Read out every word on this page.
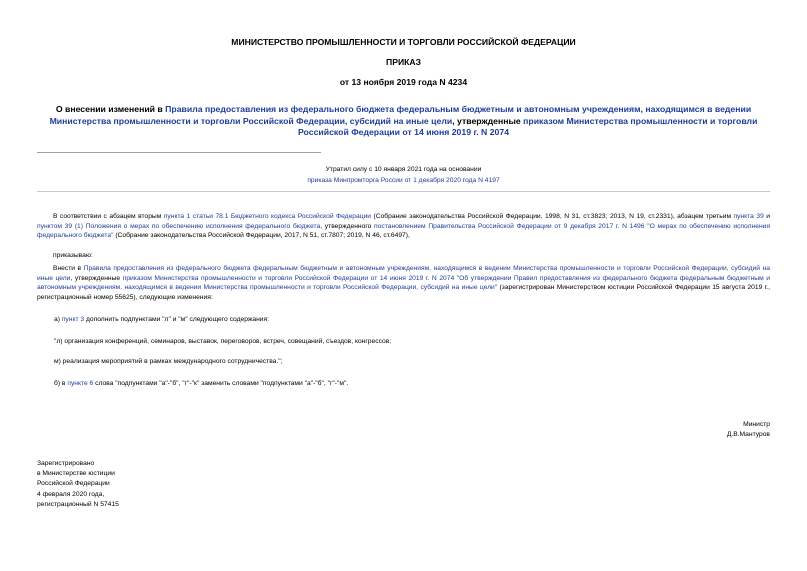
МИНИСТЕРСТВО ПРОМЫШЛЕННОСТИ И ТОРГОВЛИ РОССИЙСКОЙ ФЕДЕРАЦИИ
ПРИКАЗ
от 13 ноября 2019 года N 4234
О внесении изменений в Правила предоставления из федерального бюджета федеральным бюджетным и автономным учреждениям, находящимся в ведении Министерства промышленности и торговли Российской Федерации, субсидий на иные цели, утвержденные приказом Министерства промышленности и торговли Российской Федерации от 14 июня 2019 г. N 2074
Утратил силу с 10 января 2021 года на основании
приказа Минпромторга России от 1 декабря 2020 года N 4197
В соответствии с абзацем вторым пункта 1 статьи 78.1 Бюджетного кодекса Российской Федерации (Собрание законодательства Российской Федерации, 1998, N 31, ст.3823; 2013, N 19, ст.2331), абзацем третьим пункта 39 и пунктом 39 (1) Положения о мерах по обеспечению исполнения федерального бюджета, утвержденного постановлением Правительства Российской Федерации от 9 декабря 2017 г. N 1496 "О мерах по обеспечению исполнения федерального бюджета" (Собрание законодательства Российской Федерации, 2017, N 51, ст.7807; 2019, N 46, ст.6497),
приказываю:
Внести в Правила предоставления из федерального бюджета федеральным бюджетным и автономным учреждениям, находящимся в ведении Министерства промышленности и торговли Российской Федерации, субсидий на иные цели, утвержденные приказом Министерства промышленности и торговли Российской Федерации от 14 июня 2019 г. N 2074 "Об утверждении Правил предоставления из федерального бюджета федеральным бюджетным и автономным учреждениям, находящимся в ведении Министерства промышленности и торговли Российской Федерации, субсидий на иные цели" (зарегистрирован Министерством юстиции Российской Федерации 15 августа 2019 г., регистрационный номер 55625), следующие изменения:
а) пункт 3 дополнить подпунктами "л" и "м" следующего содержания:
"л) организация конференций, семинаров, выставок, переговоров, встреч, совещаний, съездов, конгрессов;
м) реализация мероприятий в рамках международного сотрудничества.";
б) в пункте 6 слова "подпунктами "а"-"б", "г"-"к" заменить словами "подпунктами "а"-"б", "г"-"м".
Министр
Д.В.Мантуров
Зарегистрировано
в Министерстве юстиции
Российской Федерации
4 февраля 2020 года,
регистрационный N 57415
